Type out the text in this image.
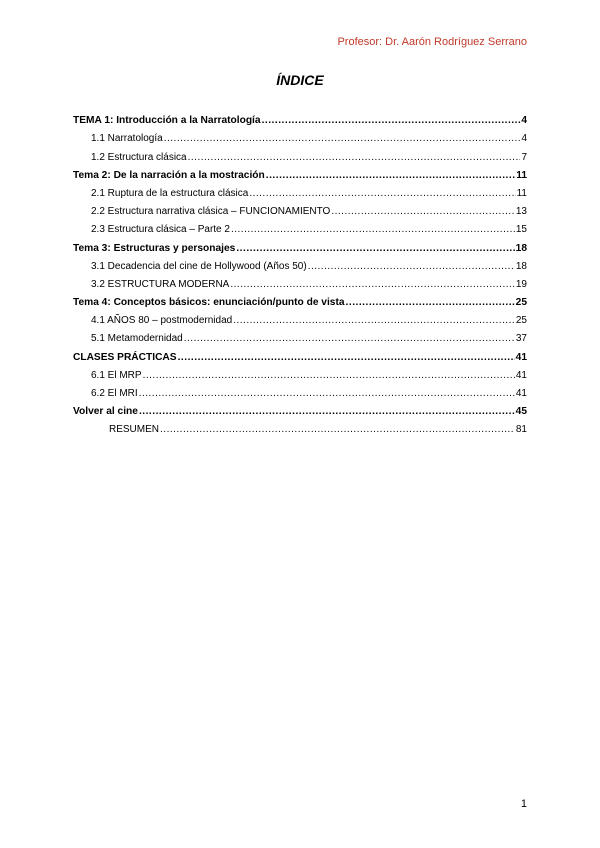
Profesor: Dr. Aarón Rodríguez Serrano
ÍNDICE
TEMA 1: Introducción a la Narratología .....	4
1.1 Narratología .....	4
1.2 Estructura clásica .....	7
Tema 2: De la narración a la mostración .....	11
2.1 Ruptura de la estructura clásica .....	11
2.2 Estructura narrativa clásica – FUNCIONAMIENTO .....	13
2.3 Estructura clásica – Parte 2 .....	15
Tema 3: Estructuras y personajes .....	18
3.1 Decadencia del cine de Hollywood (Años 50) .....	18
3.2 ESTRUCTURA MODERNA .....	19
Tema 4: Conceptos básicos: enunciación/punto de vista .....	25
4.1 AÑOS 80 – postmodernidad .....	25
5.1 Metamodernidad .....	37
CLASES PRÁCTICAS .....	41
6.1 El MRP .....	41
6.2 El MRI .....	41
Volver al cine .....	45
RESUMEN .....	81
1
